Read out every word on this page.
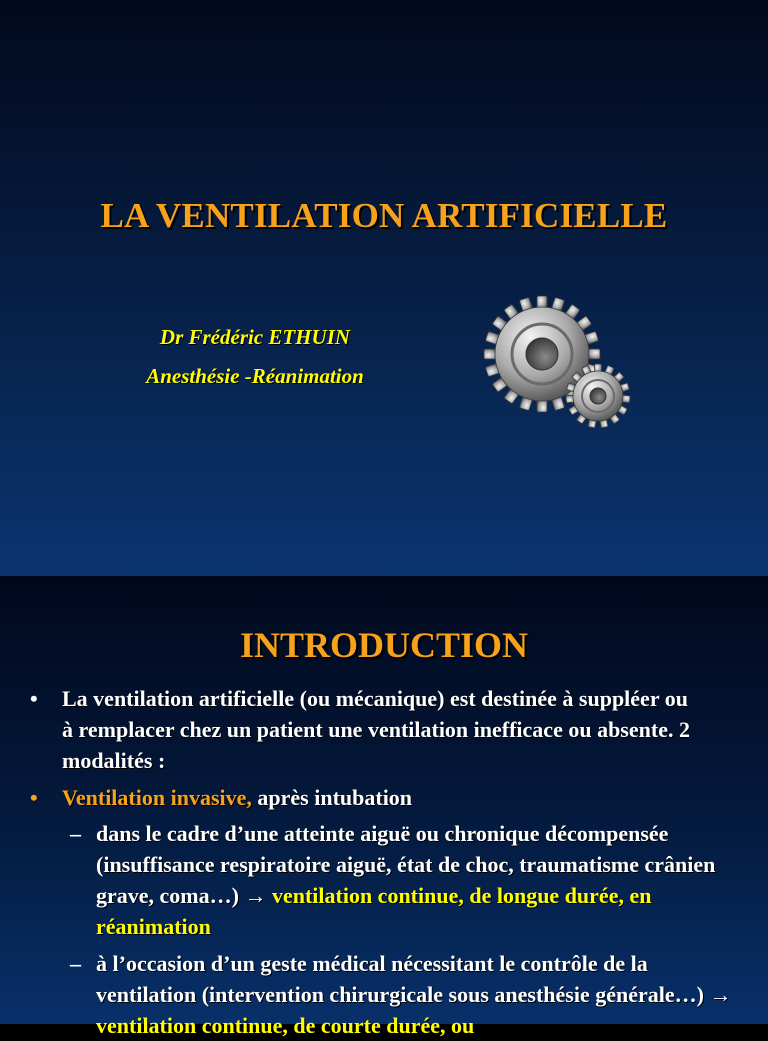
LA VENTILATION ARTIFICIELLE

Dr Frédéric ETHUIN

Anesthésie -Réanimation

INTRODUCTION
• La ventilation artificielle (ou mécanique) est destinée à suppléer ou à remplacer chez un patient une ventilation inefficace ou absente. 2 modalités :
• Ventilation invasive, après intubation
– dans le cadre d’une atteinte aiguë ou chronique décompensée (insuffisance respiratoire aiguë, état de choc, traumatisme crânien grave, coma…) → ventilation continue, de longue durée, en réanimation
– à l’occasion d’un geste médical nécessitant le contrôle de la ventilation (intervention chirurgicale sous anesthésie générale…) → ventilation continue, de courte durée, ou
